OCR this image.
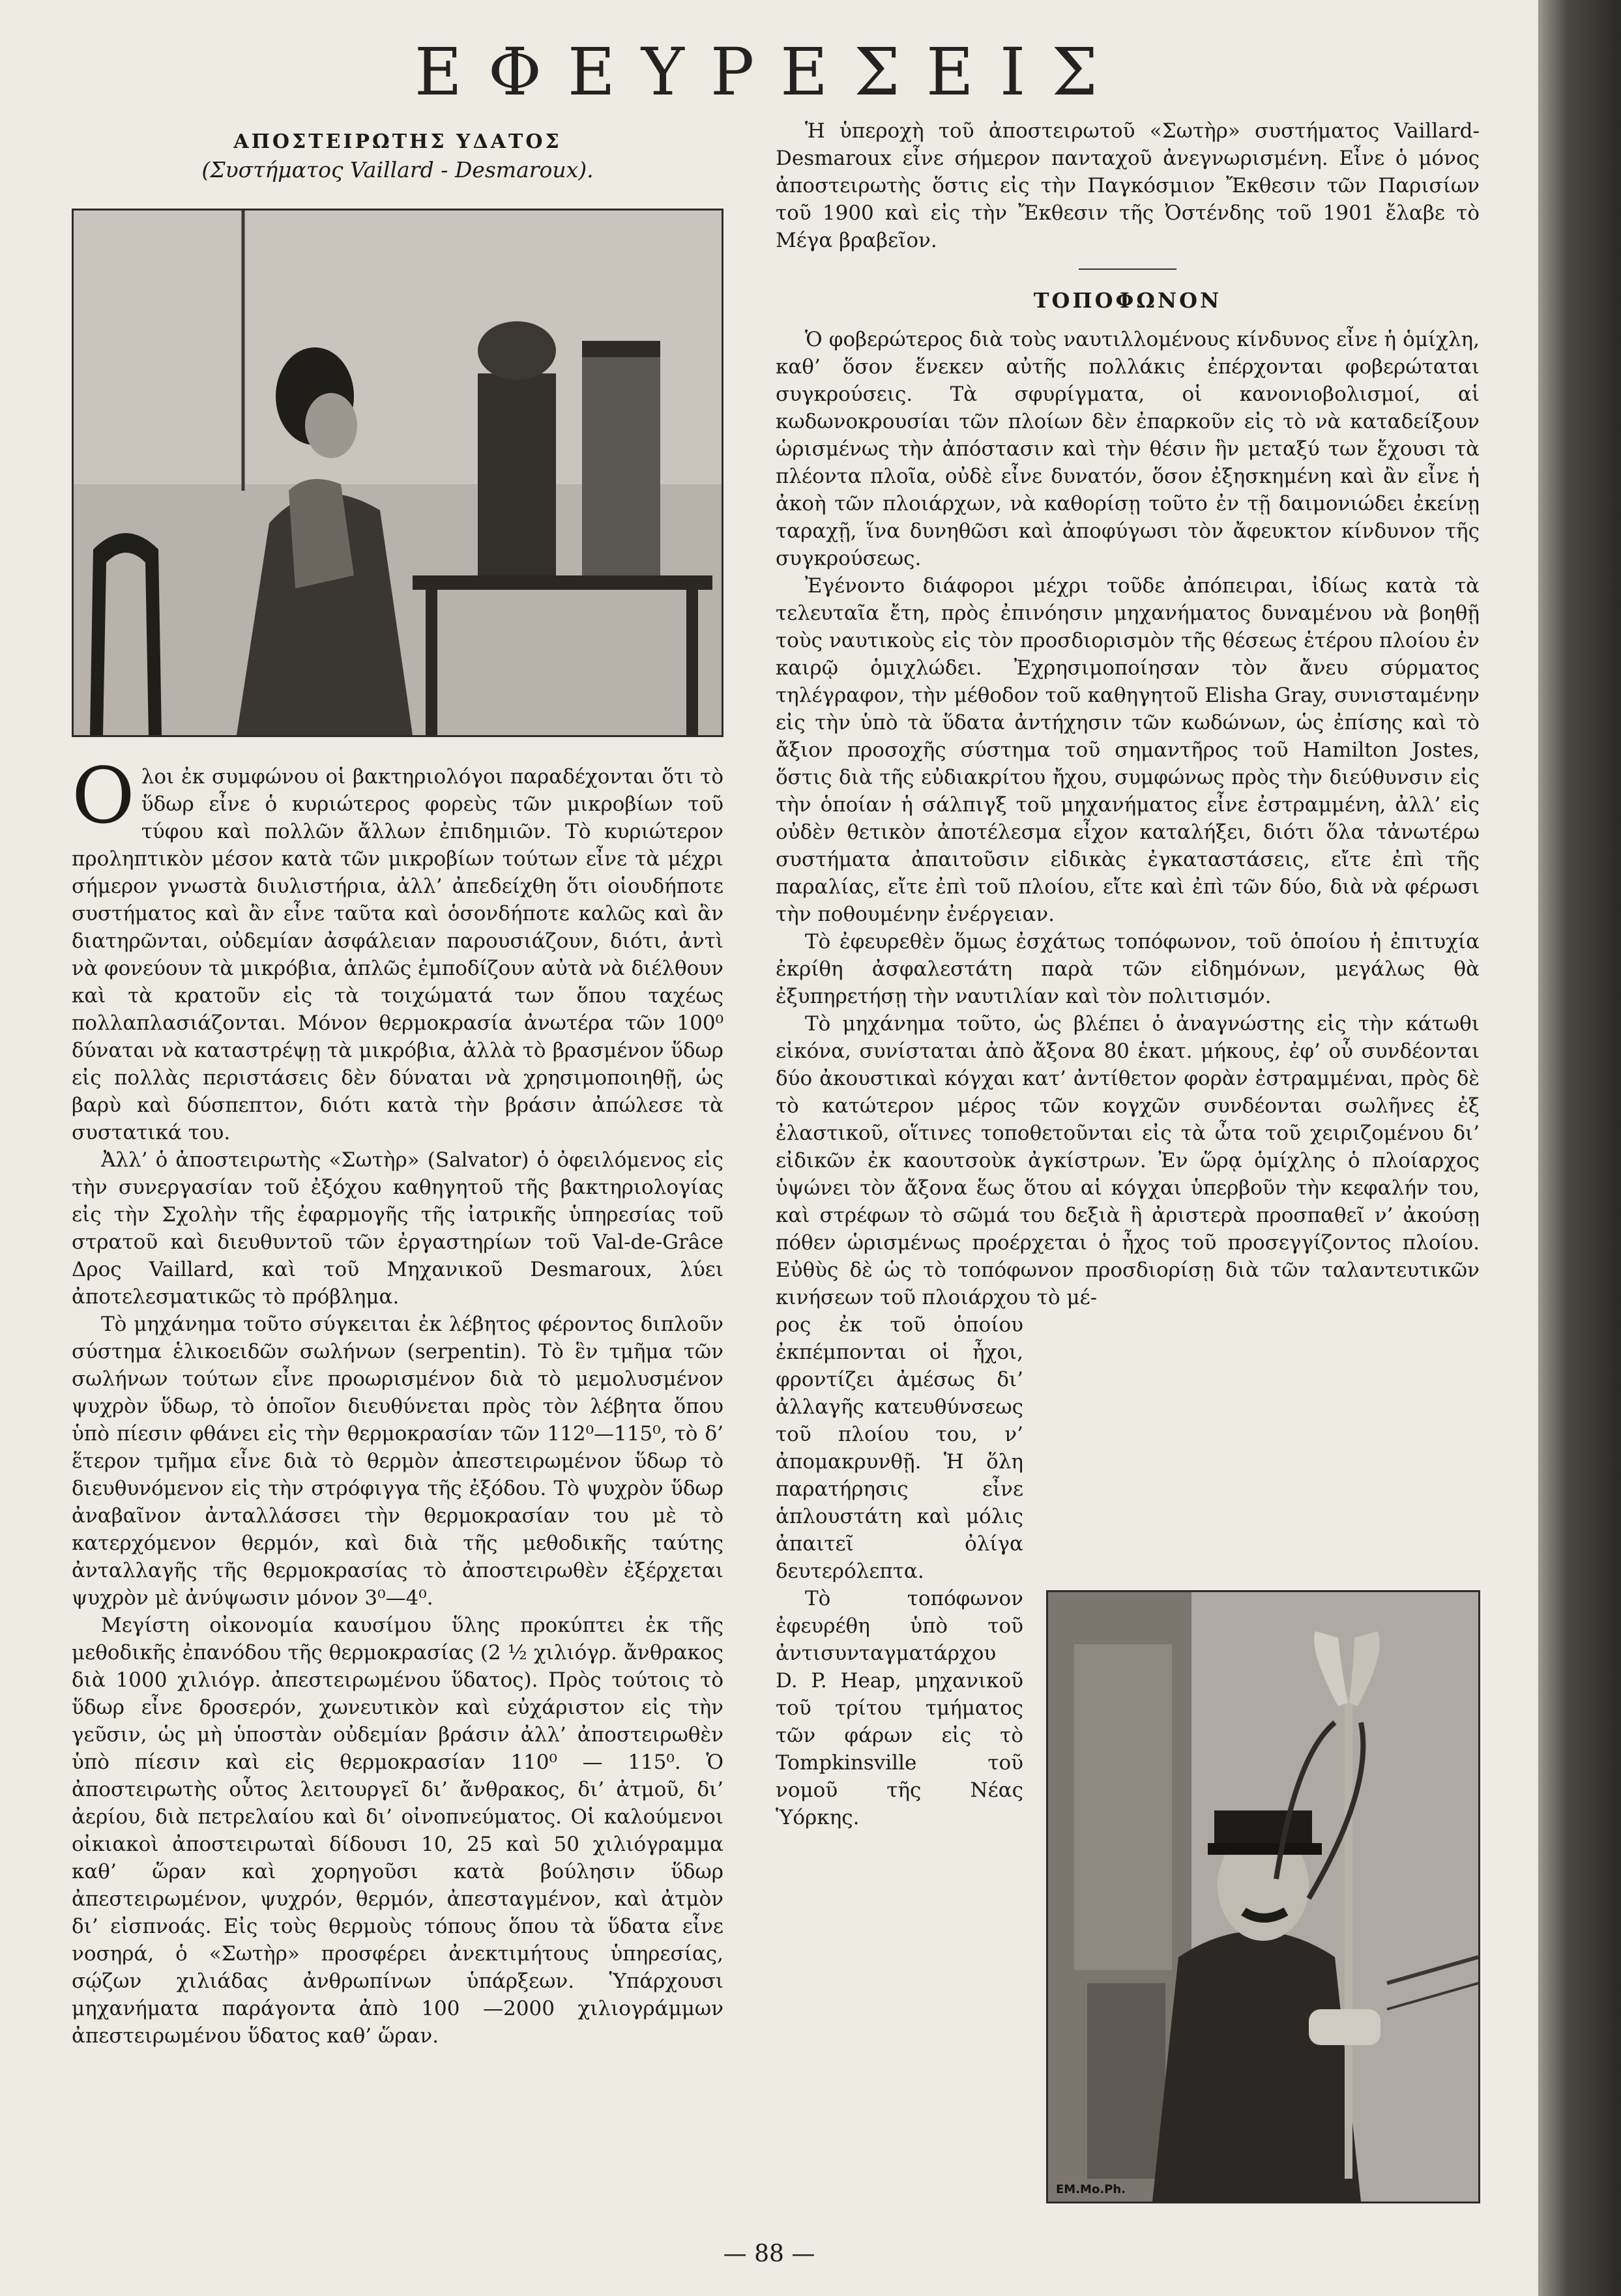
ΕΦΕΥΡΕΣΕΙΣ
ΑΠΟΣΤΕΙΡΩΤΗΣ ΥΔΑΤΟΣ
(Συστήματος Vaillard - Desmaroux).
Ο λοι ἐκ συμφώνου οἱ βακτηριολόγοι παραδέχονται ὅτι τὸ ὕδωρ εἶνε ὁ κυριώτερος φορεὺς τῶν μικροβίων τοῦ τύφου καὶ πολλῶν ἄλλων ἐπιδημιῶν. Τὸ κυριώτερον προληπτικὸν μέσον κατὰ τῶν μικροβίων τούτων εἶνε τὰ μέχρι σήμερον γνωστὰ διυλιστήρια, ἀλλ’ ἀπεδείχθη ὅτι οἱουδήποτε συστήματος καὶ ἂν εἶνε ταῦτα καὶ ὁσονδήποτε καλῶς καὶ ἂν διατηρῶνται, οὐδεμίαν ἀσφάλειαν παρουσιάζουν, διότι, ἀντὶ νὰ φονεύουν τὰ μικρόβια, ἁπλῶς ἐμποδίζουν αὐτὰ νὰ διέλθουν καὶ τὰ κρατοῦν εἰς τὰ τοιχώματά των ὅπου ταχέως πολλαπλασιάζονται. Μόνον θερμοκρασία ἀνωτέρα τῶν 100⁰ δύναται νὰ καταστρέψῃ τὰ μικρόβια, ἀλλὰ τὸ βρασμένον ὕδωρ εἰς πολλὰς περιστάσεις δὲν δύναται νὰ χρησιμοποιηθῇ, ὡς βαρὺ καὶ δύσπεπτον, διότι κατὰ τὴν βράσιν ἀπώλεσε τὰ συστατικά του.

Ἀλλ’ ὁ ἀποστειρωτὴς «Σωτὴρ» (Salvator) ὁ ὀφειλόμενος εἰς τὴν συνεργασίαν τοῦ ἐξόχου καθηγητοῦ τῆς βακτηριολογίας εἰς τὴν Σχολὴν τῆς ἐφαρμογῆς τῆς ἰατρικῆς ὑπηρεσίας τοῦ στρατοῦ καὶ διευθυντοῦ τῶν ἐργαστηρίων τοῦ Val-de-Grâce Δρος Vaillard, καὶ τοῦ Μηχανικοῦ Desmaroux, λύει ἀποτελεσματικῶς τὸ πρόβλημα.

Τὸ μηχάνημα τοῦτο σύγκειται ἐκ λέβητος φέροντος διπλοῦν σύστημα ἑλικοειδῶν σωλήνων (serpentin). Τὸ ἓν τμῆμα τῶν σωλήνων τούτων εἶνε προωρισμένον διὰ τὸ μεμολυσμένον ψυχρὸν ὕδωρ, τὸ ὁποῖον διευθύνεται πρὸς τὸν λέβητα ὅπου ὑπὸ πίεσιν φθάνει εἰς τὴν θερμοκρασίαν τῶν 112⁰—115⁰, τὸ δ’ ἕτερον τμῆμα εἶνε διὰ τὸ θερμὸν ἀπεστειρωμένον ὕδωρ τὸ διευθυνόμενον εἰς τὴν στρόφιγγα τῆς ἐξόδου. Τὸ ψυχρὸν ὕδωρ ἀναβαῖνον ἀνταλλάσσει τὴν θερμοκρασίαν του μὲ τὸ κατερχόμενον θερμόν, καὶ διὰ τῆς μεθοδικῆς ταύτης ἀνταλλαγῆς τῆς θερμοκρασίας τὸ ἀποστειρωθὲν ἐξέρχεται ψυχρὸν μὲ ἀνύψωσιν μόνον 3⁰—4⁰.

Μεγίστη οἰκονομία καυσίμου ὕλης προκύπτει ἐκ τῆς μεθοδικῆς ἐπανόδου τῆς θερμοκρασίας (2 ½ χιλιόγρ. ἄνθρακος διὰ 1000 χιλιόγρ. ἀπεστειρωμένου ὕδατος). Πρὸς τούτοις τὸ ὕδωρ εἶνε δροσερόν, χωνευτικὸν καὶ εὐχάριστον εἰς τὴν γεῦσιν, ὡς μὴ ὑποστὰν οὐδεμίαν βράσιν ἀλλ’ ἀποστειρωθὲν ὑπὸ πίεσιν καὶ εἰς θερμοκρασίαν 110⁰ — 115⁰. Ὁ ἀποστειρωτὴς οὗτος λειτουργεῖ δι’ ἄνθρακος, δι’ ἀτμοῦ, δι’ ἀερίου, διὰ πετρελαίου καὶ δι’ οἰνοπνεύματος. Οἱ καλούμενοι οἰκιακοὶ ἀποστειρωταὶ δίδουσι 10, 25 καὶ 50 χιλιόγραμμα καθ’ ὥραν καὶ χορηγοῦσι κατὰ βούλησιν ὕδωρ ἀπεστειρωμένον, ψυχρόν, θερμόν, ἀπεσταγμένον, καὶ ἀτμὸν δι’ εἰσπνοάς. Εἰς τοὺς θερμοὺς τόπους ὅπου τὰ ὕδατα εἶνε νοσηρά, ὁ «Σωτὴρ» προσφέρει ἀνεκτιμήτους ὑπηρεσίας, σῴζων χιλιάδας ἀνθρωπίνων ὑπάρξεων. Ὑπάρχουσι μηχανήματα παράγοντα ἀπὸ 100 —2000 χιλιογράμμων ἀπεστειρωμένου ὕδατος καθ’ ὥραν.

Ἡ ὑπεροχὴ τοῦ ἀποστειρωτοῦ «Σωτὴρ» συστήματος Vaillard-Desmaroux εἶνε σήμερον πανταχοῦ ἀνεγνωρισμένη. Εἶνε ὁ μόνος ἀποστειρωτὴς ὅστις εἰς τὴν Παγκόσμιον Ἔκθεσιν τῶν Παρισίων τοῦ 1900 καὶ εἰς τὴν Ἔκθεσιν τῆς Ὀστένδης τοῦ 1901 ἔλαβε τὸ Μέγα βραβεῖον.

ΤΟΠΟΦΩΝΟΝ

Ὁ φοβερώτερος διὰ τοὺς ναυτιλλομένους κίνδυνος εἶνε ἡ ὁμίχλη, καθ’ ὅσον ἕνεκεν αὐτῆς πολλάκις ἐπέρχονται φοβερώταται συγκρούσεις. Τὰ σφυρίγματα, οἱ κανονιοβολισμοί, αἱ κωδωνοκρουσίαι τῶν πλοίων δὲν ἐπαρκοῦν εἰς τὸ νὰ καταδείξουν ὡρισμένως τὴν ἀπόστασιν καὶ τὴν θέσιν ἣν μεταξύ των ἔχουσι τὰ πλέοντα πλοῖα, οὐδὲ εἶνε δυνατόν, ὅσον ἐξησκημένη καὶ ἂν εἶνε ἡ ἀκοὴ τῶν πλοιάρχων, νὰ καθορίσῃ τοῦτο ἐν τῇ δαιμονιώδει ἐκείνῃ ταραχῇ, ἵνα δυνηθῶσι καὶ ἀποφύγωσι τὸν ἄφευκτον κίνδυνον τῆς συγκρούσεως.

Ἐγένοντο διάφοροι μέχρι τοῦδε ἀπόπειραι, ἰδίως κατὰ τὰ τελευταῖα ἔτη, πρὸς ἐπινόησιν μηχανήματος δυναμένου νὰ βοηθῇ τοὺς ναυτικοὺς εἰς τὸν προσδιορισμὸν τῆς θέσεως ἑτέρου πλοίου ἐν καιρῷ ὁμιχλώδει. Ἐχρησιμοποίησαν τὸν ἄνευ σύρματος τηλέγραφον, τὴν μέθοδον τοῦ καθηγητοῦ Elisha Gray, συνισταμένην εἰς τὴν ὑπὸ τὰ ὕδατα ἀντήχησιν τῶν κωδώνων, ὡς ἐπίσης καὶ τὸ ἄξιον προσοχῆς σύστημα τοῦ σημαντῆρος τοῦ Hamilton Jostes, ὅστις διὰ τῆς εὐδιακρίτου ἤχου, συμφώνως πρὸς τὴν διεύθυνσιν εἰς τὴν ὁποίαν ἡ σάλπιγξ τοῦ μηχανήματος εἶνε ἐστραμμένη, ἀλλ’ εἰς οὐδὲν θετικὸν ἀποτέλεσμα εἶχον καταλήξει, διότι ὅλα τἀνωτέρω συστήματα ἀπαιτοῦσιν εἰδικὰς ἐγκαταστάσεις, εἴτε ἐπὶ τῆς παραλίας, εἴτε ἐπὶ τοῦ πλοίου, εἴτε καὶ ἐπὶ τῶν δύο, διὰ νὰ φέρωσι τὴν ποθουμένην ἐνέργειαν.

Τὸ ἐφευρεθὲν ὅμως ἐσχάτως τοπόφωνον, τοῦ ὁποίου ἡ ἐπιτυχία ἐκρίθη ἀσφαλεστάτη παρὰ τῶν εἰδημόνων, μεγάλως θὰ ἐξυπηρετήσῃ τὴν ναυτιλίαν καὶ τὸν πολιτισμόν.

Τὸ μηχάνημα τοῦτο, ὡς βλέπει ὁ ἀναγνώστης εἰς τὴν κάτωθι εἰκόνα, συνίσταται ἀπὸ ἄξονα 80 ἑκατ. μήκους, ἐφ’ οὗ συνδέονται δύο ἀκουστικαὶ κόγχαι κατ’ ἀντίθετον φορὰν ἐστραμμέναι, πρὸς δὲ τὸ κατώτερον μέρος τῶν κογχῶν συνδέονται σωλῆνες ἐξ ἐλαστικοῦ, οἵτινες τοποθετοῦνται εἰς τὰ ὦτα τοῦ χειριζομένου δι’ εἰδικῶν ἐκ καουτσοὺκ ἀγκίστρων. Ἐν ὥρᾳ ὁμίχλης ὁ πλοίαρχος ὑψώνει τὸν ἄξονα ἕως ὅτου αἱ κόγχαι ὑπερβοῦν τὴν κεφαλήν του, καὶ στρέφων τὸ σῶμά του δεξιὰ ἢ ἀριστερὰ προσπαθεῖ ν’ ἀκούσῃ πόθεν ὡρισμένως προέρχεται ὁ ἦχος τοῦ προσεγγίζοντος πλοίου. Εὐθὺς δὲ ὡς τὸ τοπόφωνον προσδιορίσῃ διὰ τῶν ταλαντευτικῶν κινήσεων τοῦ πλοιάρχου τὸ μέ-

ρος ἐκ τοῦ ὁποίου ἐκπέμπονται οἱ ἦχοι, φροντίζει ἀμέσως δι’ ἀλλαγῆς κατευθύνσεως τοῦ πλοίου του, ν’ ἀπομακρυνθῇ. Ἡ ὅλη παρατήρησις εἶνε ἁπλουστάτη καὶ μόλις ἀπαιτεῖ ὀλίγα δευτερόλεπτα.

Τὸ τοπόφωνον ἐφευρέθη ὑπὸ τοῦ ἀντισυνταγματάρχου D. P. Heap, μηχανικοῦ τοῦ τρίτου τμήματος τῶν φάρων εἰς τὸ Tompkinsville τοῦ νομοῦ τῆς Νέας Ὑόρκης.

EM.Mo.Ph.
— 88 —
